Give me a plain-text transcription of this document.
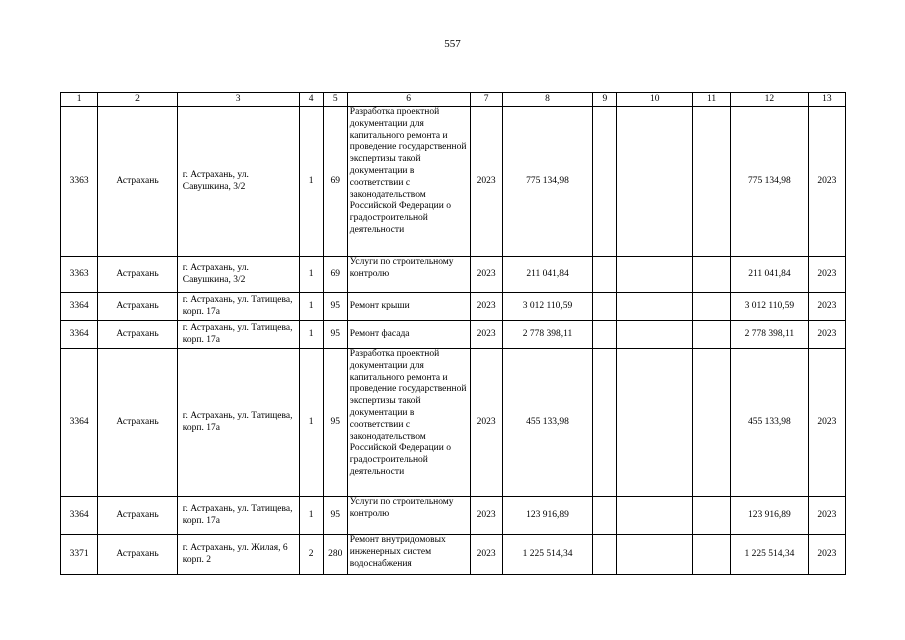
557
1	2	3	4	5	6	7	8	9	10	11	12	13
3363	Астрахань	г. Астрахань, ул. Савушкина, 3/2	1	69	Разработка проектной документации для капитального ремонта и проведение государственной экспертизы такой документации в соответствии с законодательством Российской Федерации о градостроительной деятельности	2023	775 134,98				775 134,98	2023
3363	Астрахань	г. Астрахань, ул. Савушкина, 3/2	1	69	Услуги по строительному контролю	2023	211 041,84				211 041,84	2023
3364	Астрахань	г. Астрахань, ул. Татищева, корп. 17а	1	95	Ремонт крыши	2023	3 012 110,59				3 012 110,59	2023
3364	Астрахань	г. Астрахань, ул. Татищева, корп. 17а	1	95	Ремонт фасада	2023	2 778 398,11				2 778 398,11	2023
3364	Астрахань	г. Астрахань, ул. Татищева, корп. 17а	1	95	Разработка проектной документации для капитального ремонта и проведение государственной экспертизы такой документации в соответствии с законодательством Российской Федерации о градостроительной деятельности	2023	455 133,98				455 133,98	2023
3364	Астрахань	г. Астрахань, ул. Татищева, корп. 17а	1	95	Услуги по строительному контролю	2023	123 916,89				123 916,89	2023
3371	Астрахань	г. Астрахань, ул. Жилая, 6 корп. 2	2	280	Ремонт внутридомовых инженерных систем водоснабжения	2023	1 225 514,34				1 225 514,34	2023
